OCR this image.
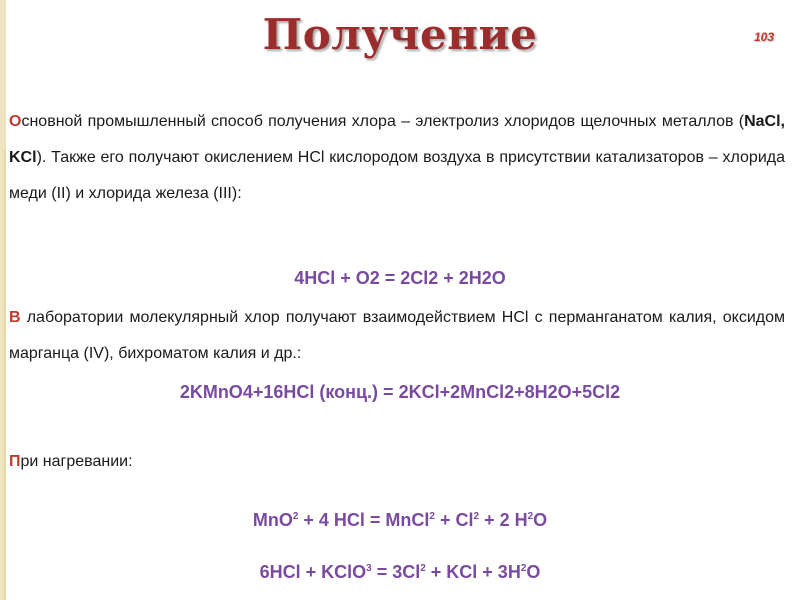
Получение	103
Основной промышленный способ получения хлора – электролиз хлоридов щелочных металлов (NaCl, KCl). Также его получают окислением HCl кислородом воздуха в присутствии катализаторов – хлорида меди (II) и хлорида железа (III):
4HCl + O2 = 2Cl2 + 2H2O
В лаборатории молекулярный хлор получают взаимодействием HCl с перманганатом калия, оксидом марганца (IV), бихроматом калия и др.:
2KMnO4+16HCl (конц.) = 2KCl+2MnCl2+8H2O+5Cl2
При нагревании:
MnO$^2$ + 4 HCl = MnCl$^2$ + $Cl^2 + 2$ $H^2O$
6HCl + KClO$^3$ = $3Cl^2$ + KCl + $3H^2O$
